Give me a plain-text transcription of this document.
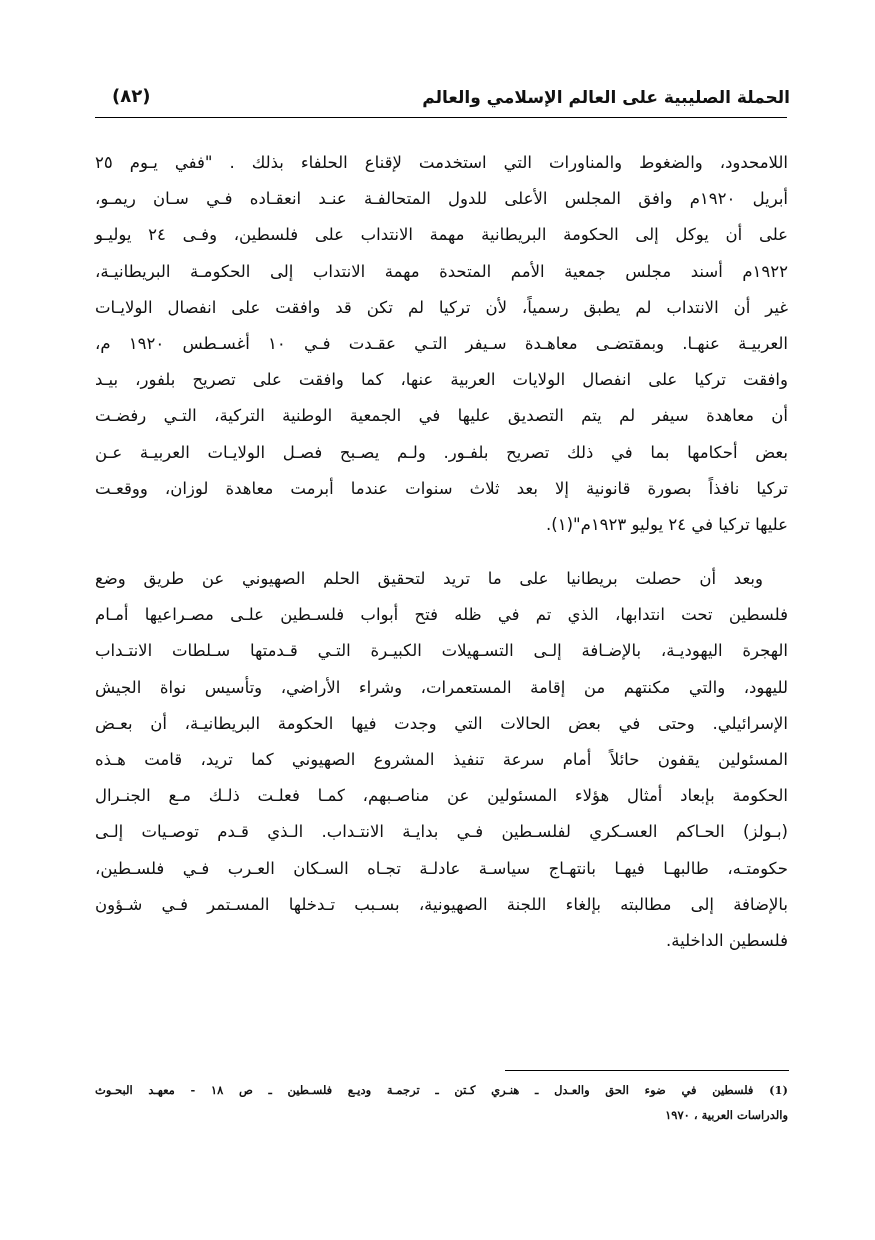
الحملة الصليبية على العالم الإسلامي والعالم
(٨٢)
اللامحدود، والضغوط والمناورات التي استخدمت لإقناع الحلفاء بذلك . "ففي يـوم ٢٥
أبريل ١٩٢٠م وافق المجلس الأعلى للدول المتحالفـة عنـد انعقـاده فـي سـان ريمـو،
على أن يوكل إلى الحكومة البريطانية مهمة الانتداب على فلسطين، وفـى ٢٤ يوليـو
١٩٢٢م أسند مجلس جمعية الأمم المتحدة مهمة الانتداب إلى الحكومـة البريطانيـة،
غير أن الانتداب لم يطبق رسمياً، لأن تركيا لم تكن قد وافقت على انفصال الولايـات
العربيـة عنهـا. وبمقتضـى معاهـدة سـيفر التـي عقـدت فـي ١٠ أغسـطس ١٩٢٠ م،
وافقت تركيا على انفصال الولايات العربية عنها، كما وافقت على تصريح بلفور، بيـد
أن معاهدة سيفر لم يتم التصديق عليها في الجمعية الوطنية التركية، التـي رفضـت
بعض أحكامها بما في ذلك تصريح بلفـور. ولـم يصـبح فصـل الولايـات العربيـة عـن
تركيا نافذاً بصورة قانونية إلا بعد ثلاث سنوات عندما أبرمت معاهدة لوزان، ووقعـت
عليها تركيا في ٢٤ يوليو ١٩٢٣م"(١).
وبعد أن حصلت بريطانيا على ما تريد لتحقيق الحلم الصهيوني عن طريق وضع
فلسطين تحت انتدابها، الذي تم في ظله فتح أبواب فلسـطين علـى مصـراعيها أمـام
الهجرة اليهوديـة، بالإضـافة إلـى التسـهيلات الكبيـرة التـي قـدمتها سـلطات الانتـداب
لليهود، والتي مكنتهم من إقامة المستعمرات، وشراء الأراضي، وتأسيس نواة الجيش
الإسرائيلي. وحتى في بعض الحالات التي وجدت فيها الحكومة البريطانيـة، أن بعـض
المسئولين يقفون حائلاً أمام سرعة تنفيذ المشروع الصهيوني كما تريد، قامت هـذه
الحكومة بإبعاد أمثال هؤلاء المسئولين عن مناصـبهم، كمـا فعلـت ذلـك مـع الجنـرال
(بـولز) الحـاكم العسـكري لفلسـطين فـي بدايـة الانتـداب. الـذي قـدم توصـيات إلـى
حكومتـه، طالبهـا فيهـا بانتهـاج سياسـة عادلـة تجـاه السـكان العـرب فـي فلسـطين،
بالإضافة إلى مطالبته بإلغاء اللجنة الصهيونية، بسـبب تـدخلها المسـتمر فـي شـؤون
فلسطين الداخلية.
(1) فلسطين في ضوء الحق والعـدل ـ هنـري كـتن ـ ترجمـة وديـع فلسـطين ـ ص ١٨ - معهـد البحـوث
والدراسات العربية ، ١٩٧٠
